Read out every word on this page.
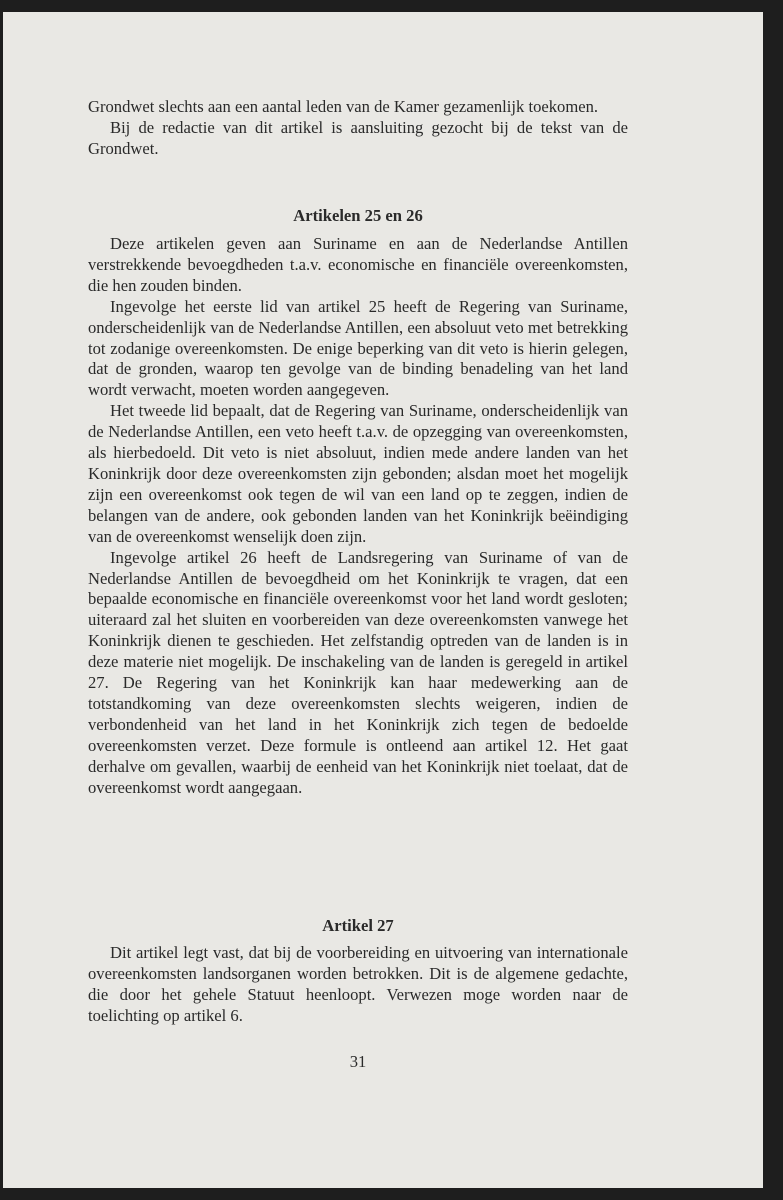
Grondwet slechts aan een aantal leden van de Kamer gezamenlijk toekomen.

Bij de redactie van dit artikel is aansluiting gezocht bij de tekst van de Grondwet.

Artikelen 25 en 26

Deze artikelen geven aan Suriname en aan de Nederlandse Antillen verstrekkende bevoegdheden t.a.v. economische en financiële overeenkomsten, die hen zouden binden.

Ingevolge het eerste lid van artikel 25 heeft de Regering van Suriname, onderscheidenlijk van de Nederlandse Antillen, een absoluut veto met betrekking tot zodanige overeenkomsten. De enige beperking van dit veto is hierin gelegen, dat de gronden, waarop ten gevolge van de binding benadeling van het land wordt verwacht, moeten worden aangegeven.

Het tweede lid bepaalt, dat de Regering van Suriname, onderscheidenlijk van de Nederlandse Antillen, een veto heeft t.a.v. de opzegging van overeenkomsten, als hierbedoeld. Dit veto is niet absoluut, indien mede andere landen van het Koninkrijk door deze overeenkomsten zijn gebonden; alsdan moet het mogelijk zijn een overeenkomst ook tegen de wil van een land op te zeggen, indien de belangen van de andere, ook gebonden landen van het Koninkrijk beëindiging van de overeenkomst wenselijk doen zijn.

Ingevolge artikel 26 heeft de Landsregering van Suriname of van de Nederlandse Antillen de bevoegdheid om het Koninkrijk te vragen, dat een bepaalde economische en financiële overeenkomst voor het land wordt gesloten; uiteraard zal het sluiten en voorbereiden van deze overeenkomsten vanwege het Koninkrijk dienen te geschieden. Het zelfstandig optreden van de landen is in deze materie niet mogelijk. De inschakeling van de landen is geregeld in artikel 27. De Regering van het Koninkrijk kan haar medewerking aan de totstandkoming van deze overeenkomsten slechts weigeren, indien de verbondenheid van het land in het Koninkrijk zich tegen de bedoelde overeenkomsten verzet. Deze formule is ontleend aan artikel 12. Het gaat derhalve om gevallen, waarbij de eenheid van het Koninkrijk niet toelaat, dat de overeenkomst wordt aangegaan.

Artikel 27

Dit artikel legt vast, dat bij de voorbereiding en uitvoering van internationale overeenkomsten landsorganen worden betrokken. Dit is de algemene gedachte, die door het gehele Statuut heenloopt. Verwezen moge worden naar de toelichting op artikel 6.

31
